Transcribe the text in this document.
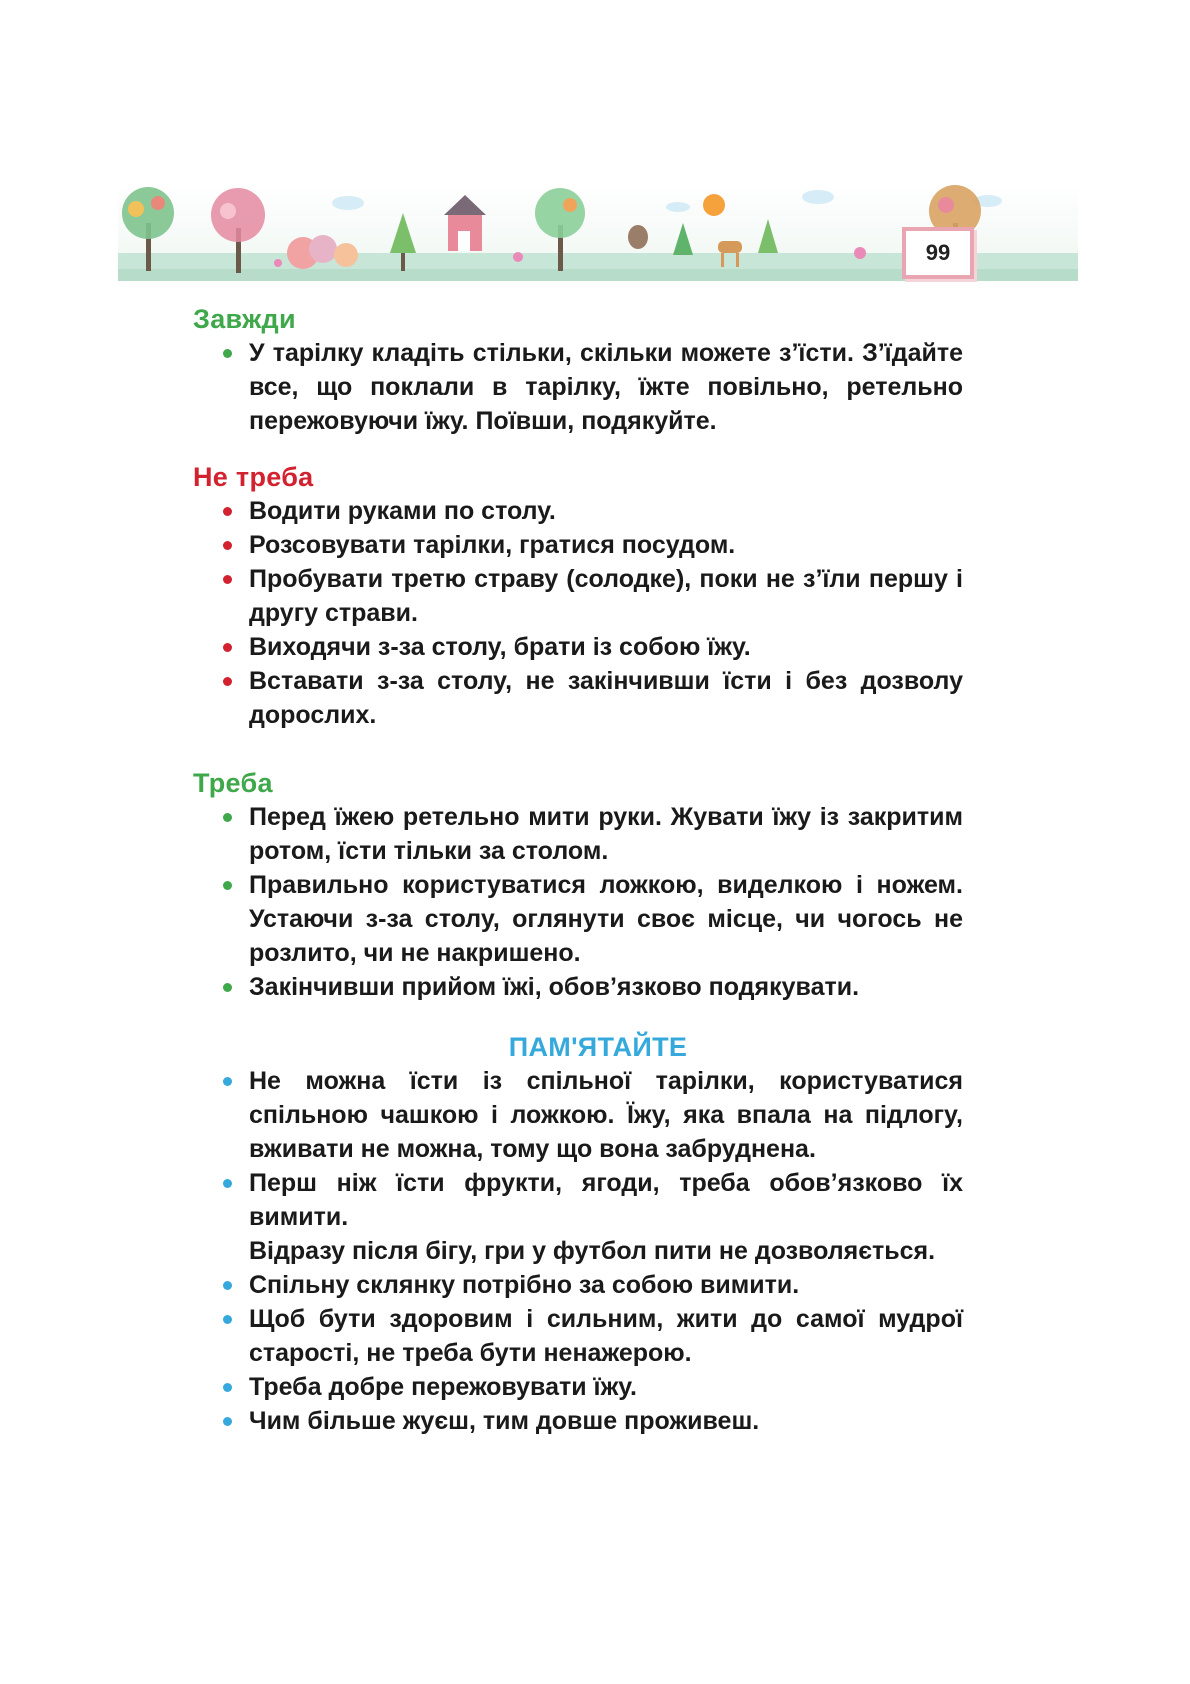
99
Завжди
У тарілку кладіть стільки, скільки можете з’їсти. З’їдайте все, що поклали в тарілку, їжте повільно, ретельно пережовуючи їжу. Поївши, подякуйте.
Не треба
Водити руками по столу.
Розсовувати тарілки, гратися посудом.
Пробувати третю страву (солодке), поки не з’їли першу і другу страви.
Виходячи з-за столу, брати із собою їжу.
Вставати з-за столу, не закінчивши їсти і без дозволу дорослих.
Треба
Перед їжею ретельно мити руки. Жувати їжу із закритим ротом, їсти тільки за столом.
Правильно користуватися ложкою, виделкою і ножем. Устаючи з-за столу, оглянути своє місце, чи чогось не розлито, чи не накришено.
Закінчивши прийом їжі, обов’язково подякувати.
ПАМ'ЯТАЙТЕ
Не можна їсти із спільної тарілки, користуватися спільною чашкою і ложкою. Їжу, яка впала на підлогу, вживати не можна, тому що вона забруднена.
Перш ніж їсти фрукти, ягоди, треба обов’язково їх вимити.
Відразу після бігу, гри у футбол пити не дозволяється.
Спільну склянку потрібно за собою вимити.
Щоб бути здоровим і сильним, жити до самої мудрої старості, не треба бути ненажерою.
Треба добре пережовувати їжу.
Чим більше жуєш, тим довше проживеш.
